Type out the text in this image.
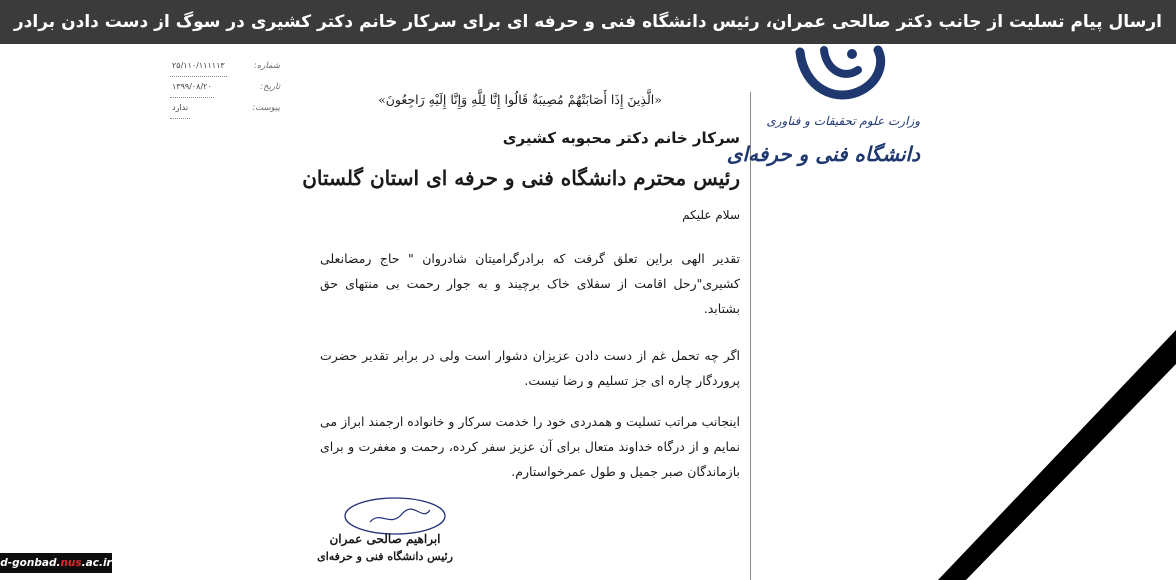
ارسال پیام تسلیت از جانب دکتر صالحی عمران، رئیس دانشگاه فنی و حرفه ای برای سرکار خانم دکتر کشیری در سوگ از دست دادن برادر
شماره:
۲۵/۱۱۰/۱۱۱۱۱۳
تاریخ:
۱۳۹۹/۰۸/۲۰
پیوست:
ندارد
وزارت علوم تحقیقات و فناوری
دانشگاه فنی و حرفه‌ای
«الَّذِينَ إِذَا أَصَابَتْهُمْ مُصِيبَةٌ قَالُوا إِنَّا لِلَّهِ وَإِنَّا إِلَيْهِ رَاجِعُونَ»
سرکار خانم دکتر محبوبه کشیری
رئیس محترم دانشگاه فنی و حرفه ای استان گلستان
سلام علیکم

تقدیر الهی براین تعلق گرفت که برادرگرامیتان شادروان " حاج رمضانعلی کشیری"رحل اقامت از سفلای خاک برچیند و به جوار رحمت بی منتهای حق بشتابد.

اگر چه تحمل غم از دست دادن عزیزان دشوار است ولی در برابر تقدیر حضرت پروردگار چاره ای جز تسلیم و رضا نیست.

اینجانب مراتب تسلیت و همدردی خود را خدمت سرکار و خانواده ارجمند ابراز می نمایم و از درگاه خداوند متعال برای آن عزیز سفر کرده، رحمت و مغفرت و برای بازماندگان صبر جمیل و طول عمرخواستارم.

ابراهیم صالحی عمران
رئیس دانشگاه فنی و حرفه‌ای
d-gonbad. nus .ac.ir
